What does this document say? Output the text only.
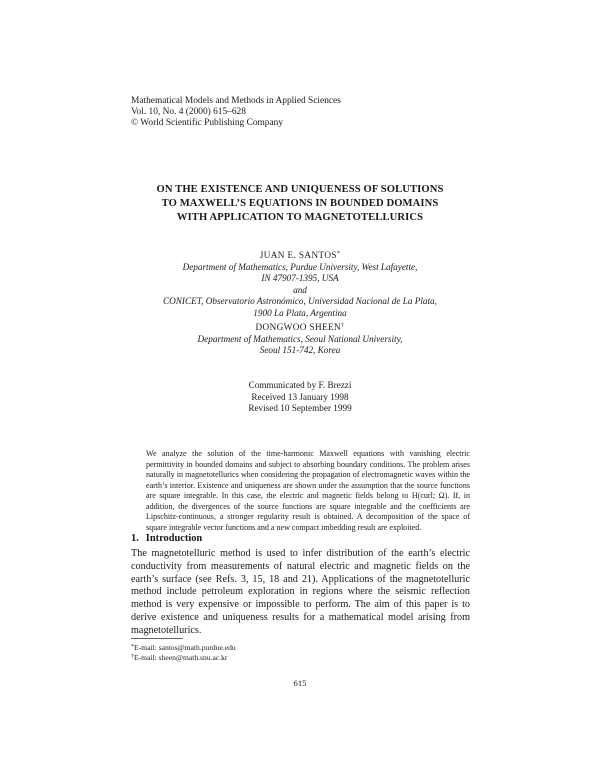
Mathematical Models and Methods in Applied Sciences
Vol. 10, No. 4 (2000) 615–628
© World Scientific Publishing Company
ON THE EXISTENCE AND UNIQUENESS OF SOLUTIONS
TO MAXWELL’S EQUATIONS IN BOUNDED DOMAINS
WITH APPLICATION TO MAGNETOTELLURICS
JUAN E. SANTOS*
Department of Mathematics, Purdue University, West Lafayette,
IN 47907-1395, USA
and
CONICET, Observatorio Astronómico, Universidad Nacional de La Plata,
1900 La Plata, Argentina
DONGWOO SHEEN†
Department of Mathematics, Seoul National University,
Seoul 151-742, Korea
Communicated by F. Brezzi
Received 13 January 1998
Revised 10 September 1999
We analyze the solution of the time-harmonic Maxwell equations with vanishing electric permittivity in bounded domains and subject to absorbing boundary conditions. The problem arises naturally in magnetotellurics when considering the propagation of electromagnetic waves within the earth’s interior. Existence and uniqueness are shown under the assumption that the source functions are square integrable. In this case, the electric and magnetic fields belong to H(curl; Ω). If, in addition, the divergences of the source functions are square integrable and the coefficients are Lipschitz-continuous, a stronger regularity result is obtained. A decomposition of the space of square integrable vector functions and a new compact imbedding result are exploited.
1. Introduction
The magnetotelluric method is used to infer distribution of the earth’s electric conductivity from measurements of natural electric and magnetic fields on the earth’s surface (see Refs. 3, 15, 18 and 21). Applications of the magnetotelluric method include petroleum exploration in regions where the seismic reflection method is very expensive or impossible to perform. The aim of this paper is to derive existence and uniqueness results for a mathematical model arising from magnetotellurics.
*E-mail: santos@math.purdue.edu
†E-mail: sheen@math.snu.ac.kr
615
